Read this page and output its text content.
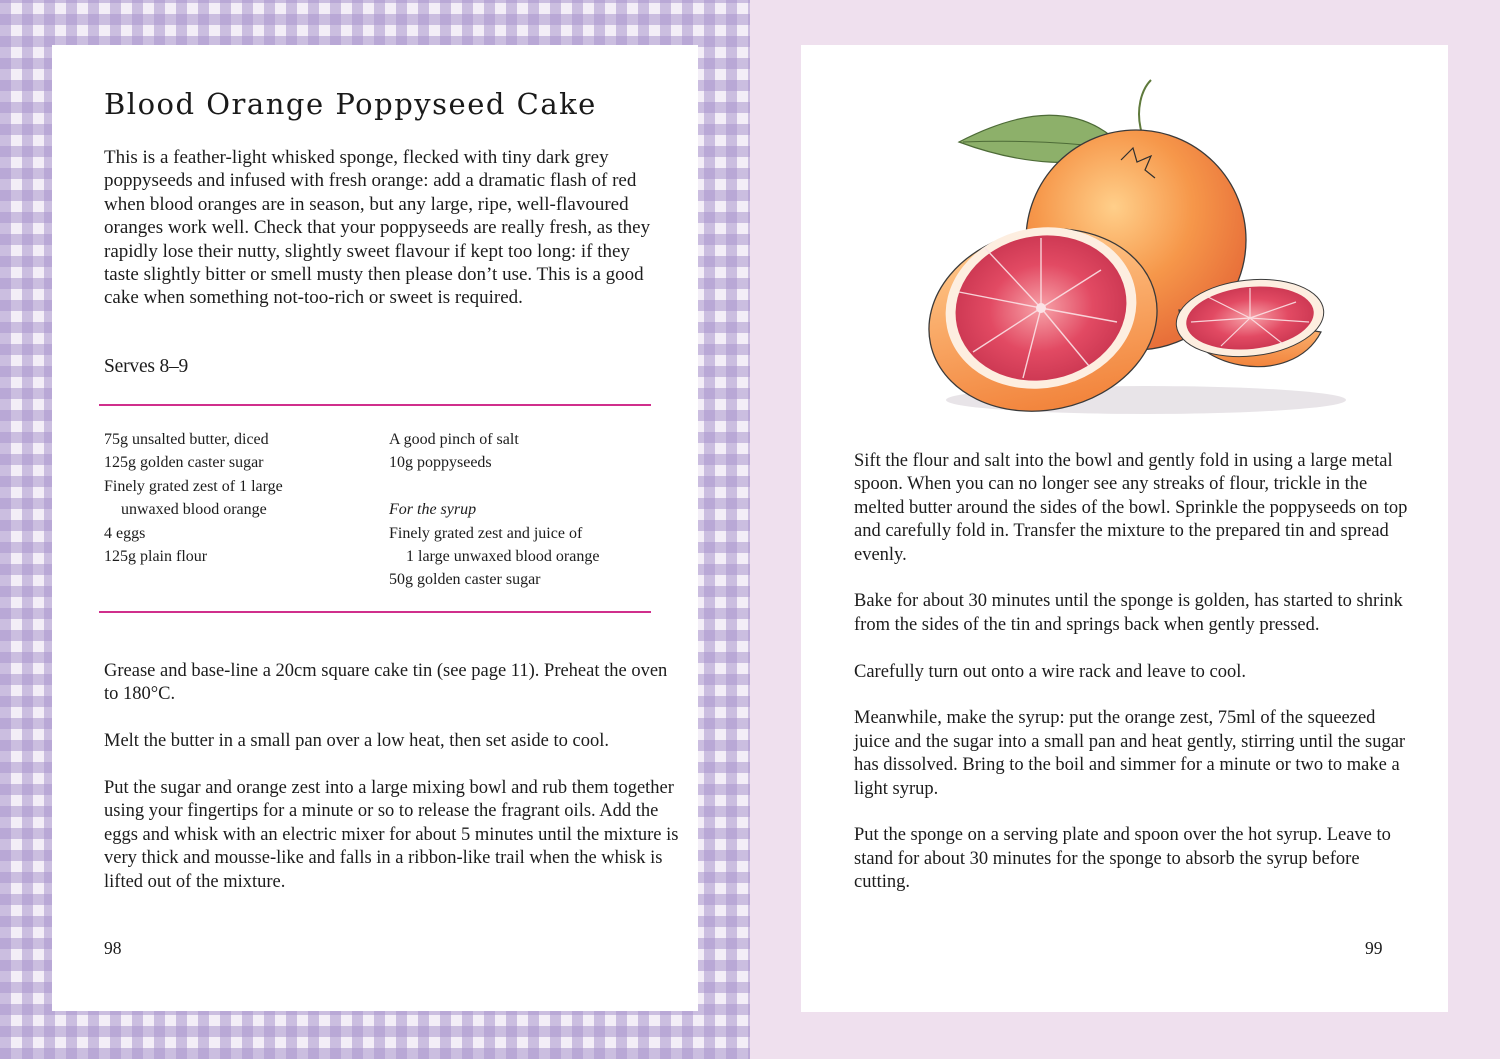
Blood Orange Poppyseed Cake

This is a feather-light whisked sponge, flecked with tiny dark grey poppyseeds and infused with fresh orange: add a dramatic flash of red when blood oranges are in season, but any large, ripe, well-flavoured oranges work well. Check that your poppyseeds are really fresh, as they rapidly lose their nutty, slightly sweet flavour if kept too long: if they taste slightly bitter or smell musty then please don’t use. This is a good cake when something not-too-rich or sweet is required.

Serves 8–9

75g unsalted butter, diced
125g golden caster sugar
Finely grated zest of 1 large
unwaxed blood orange
4 eggs
125g plain flour
A good pinch of salt
10g poppyseeds
For the syrup
Finely grated zest and juice of
1 large unwaxed blood orange
50g golden caster sugar

Grease and base-line a 20cm square cake tin (see page 11). Preheat the oven to 180°C.

Melt the butter in a small pan over a low heat, then set aside to cool.

Put the sugar and orange zest into a large mixing bowl and rub them together using your fingertips for a minute or so to release the fragrant oils. Add the eggs and whisk with an electric mixer for about 5 minutes until the mixture is very thick and mousse-like and falls in a ribbon-like trail when the whisk is lifted out of the mixture.

98

Sift the flour and salt into the bowl and gently fold in using a large metal spoon. When you can no longer see any streaks of flour, trickle in the melted butter around the sides of the bowl. Sprinkle the poppyseeds on top and carefully fold in. Transfer the mixture to the prepared tin and spread evenly.

Bake for about 30 minutes until the sponge is golden, has started to shrink from the sides of the tin and springs back when gently pressed.

Carefully turn out onto a wire rack and leave to cool.

Meanwhile, make the syrup: put the orange zest, 75ml of the squeezed juice and the sugar into a small pan and heat gently, stirring until the sugar has dissolved. Bring to the boil and simmer for a minute or two to make a light syrup.

Put the sponge on a serving plate and spoon over the hot syrup. Leave to stand for about 30 minutes for the sponge to absorb the syrup before cutting.

99
